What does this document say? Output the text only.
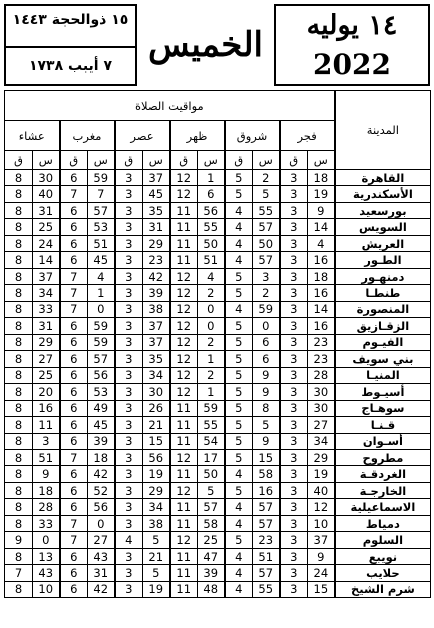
١٥ ذوالحجة ١٤٤٣
٧ أيبب ١٧٣٨
الخميس	١٤ يوليه
2022
مواقيت الصلاة												المدينة
عشاء		مغرب		عصر		ظهر		شروق		فجر		
ق	س	ق	س	ق	س	ق	س	ق	س	ق	س	
8	30	6	59	3	37	12	1	5	2	3	18	القاهرة
8	40	7	7	3	45	12	6	5	5	3	19	الأسكندرية
8	31	6	57	3	35	11	56	4	55	3	9	بورسعيد
8	25	6	53	3	31	11	55	4	57	3	14	السويس
8	24	6	51	3	29	11	50	4	50	3	4	العريش
8	14	6	45	3	23	11	51	4	57	3	16	الطـور
8	37	7	4	3	42	12	4	5	3	3	18	دمنهـور
8	34	7	1	3	39	12	2	5	2	3	16	طنطـا
8	33	7	0	3	38	12	0	4	59	3	14	المنصورة
8	31	6	59	3	37	12	0	5	0	3	16	الزقـازيق
8	29	6	59	3	37	12	2	5	6	3	23	الفيـوم
8	27	6	57	3	35	12	1	5	6	3	23	بني سويف
8	25	6	56	3	34	12	2	5	9	3	28	المنيـا
8	20	6	53	3	30	12	1	5	9	3	30	أسيـوط
8	16	6	49	3	26	11	59	5	8	3	30	سوهـاج
8	11	6	45	3	21	11	55	5	5	3	27	قـنـا
8	3	6	39	3	15	11	54	5	9	3	34	أسـوان
8	51	7	18	3	56	12	17	5	15	3	29	مطروح
8	9	6	42	3	19	11	50	4	58	3	19	الغردقـة
8	18	6	52	3	29	12	5	5	16	3	40	الخارجـة
8	28	6	56	3	34	11	57	4	57	3	12	الاسماعيلية
8	33	7	0	3	38	11	58	4	57	3	10	دمياط
9	0	7	27	4	5	12	25	5	23	3	37	السلوم
8	13	6	43	3	21	11	47	4	51	3	9	نويبع
7	43	6	31	3	5	11	39	4	57	3	24	حلايب
8	10	6	42	3	19	11	48	4	55	3	15	شرم الشيخ
